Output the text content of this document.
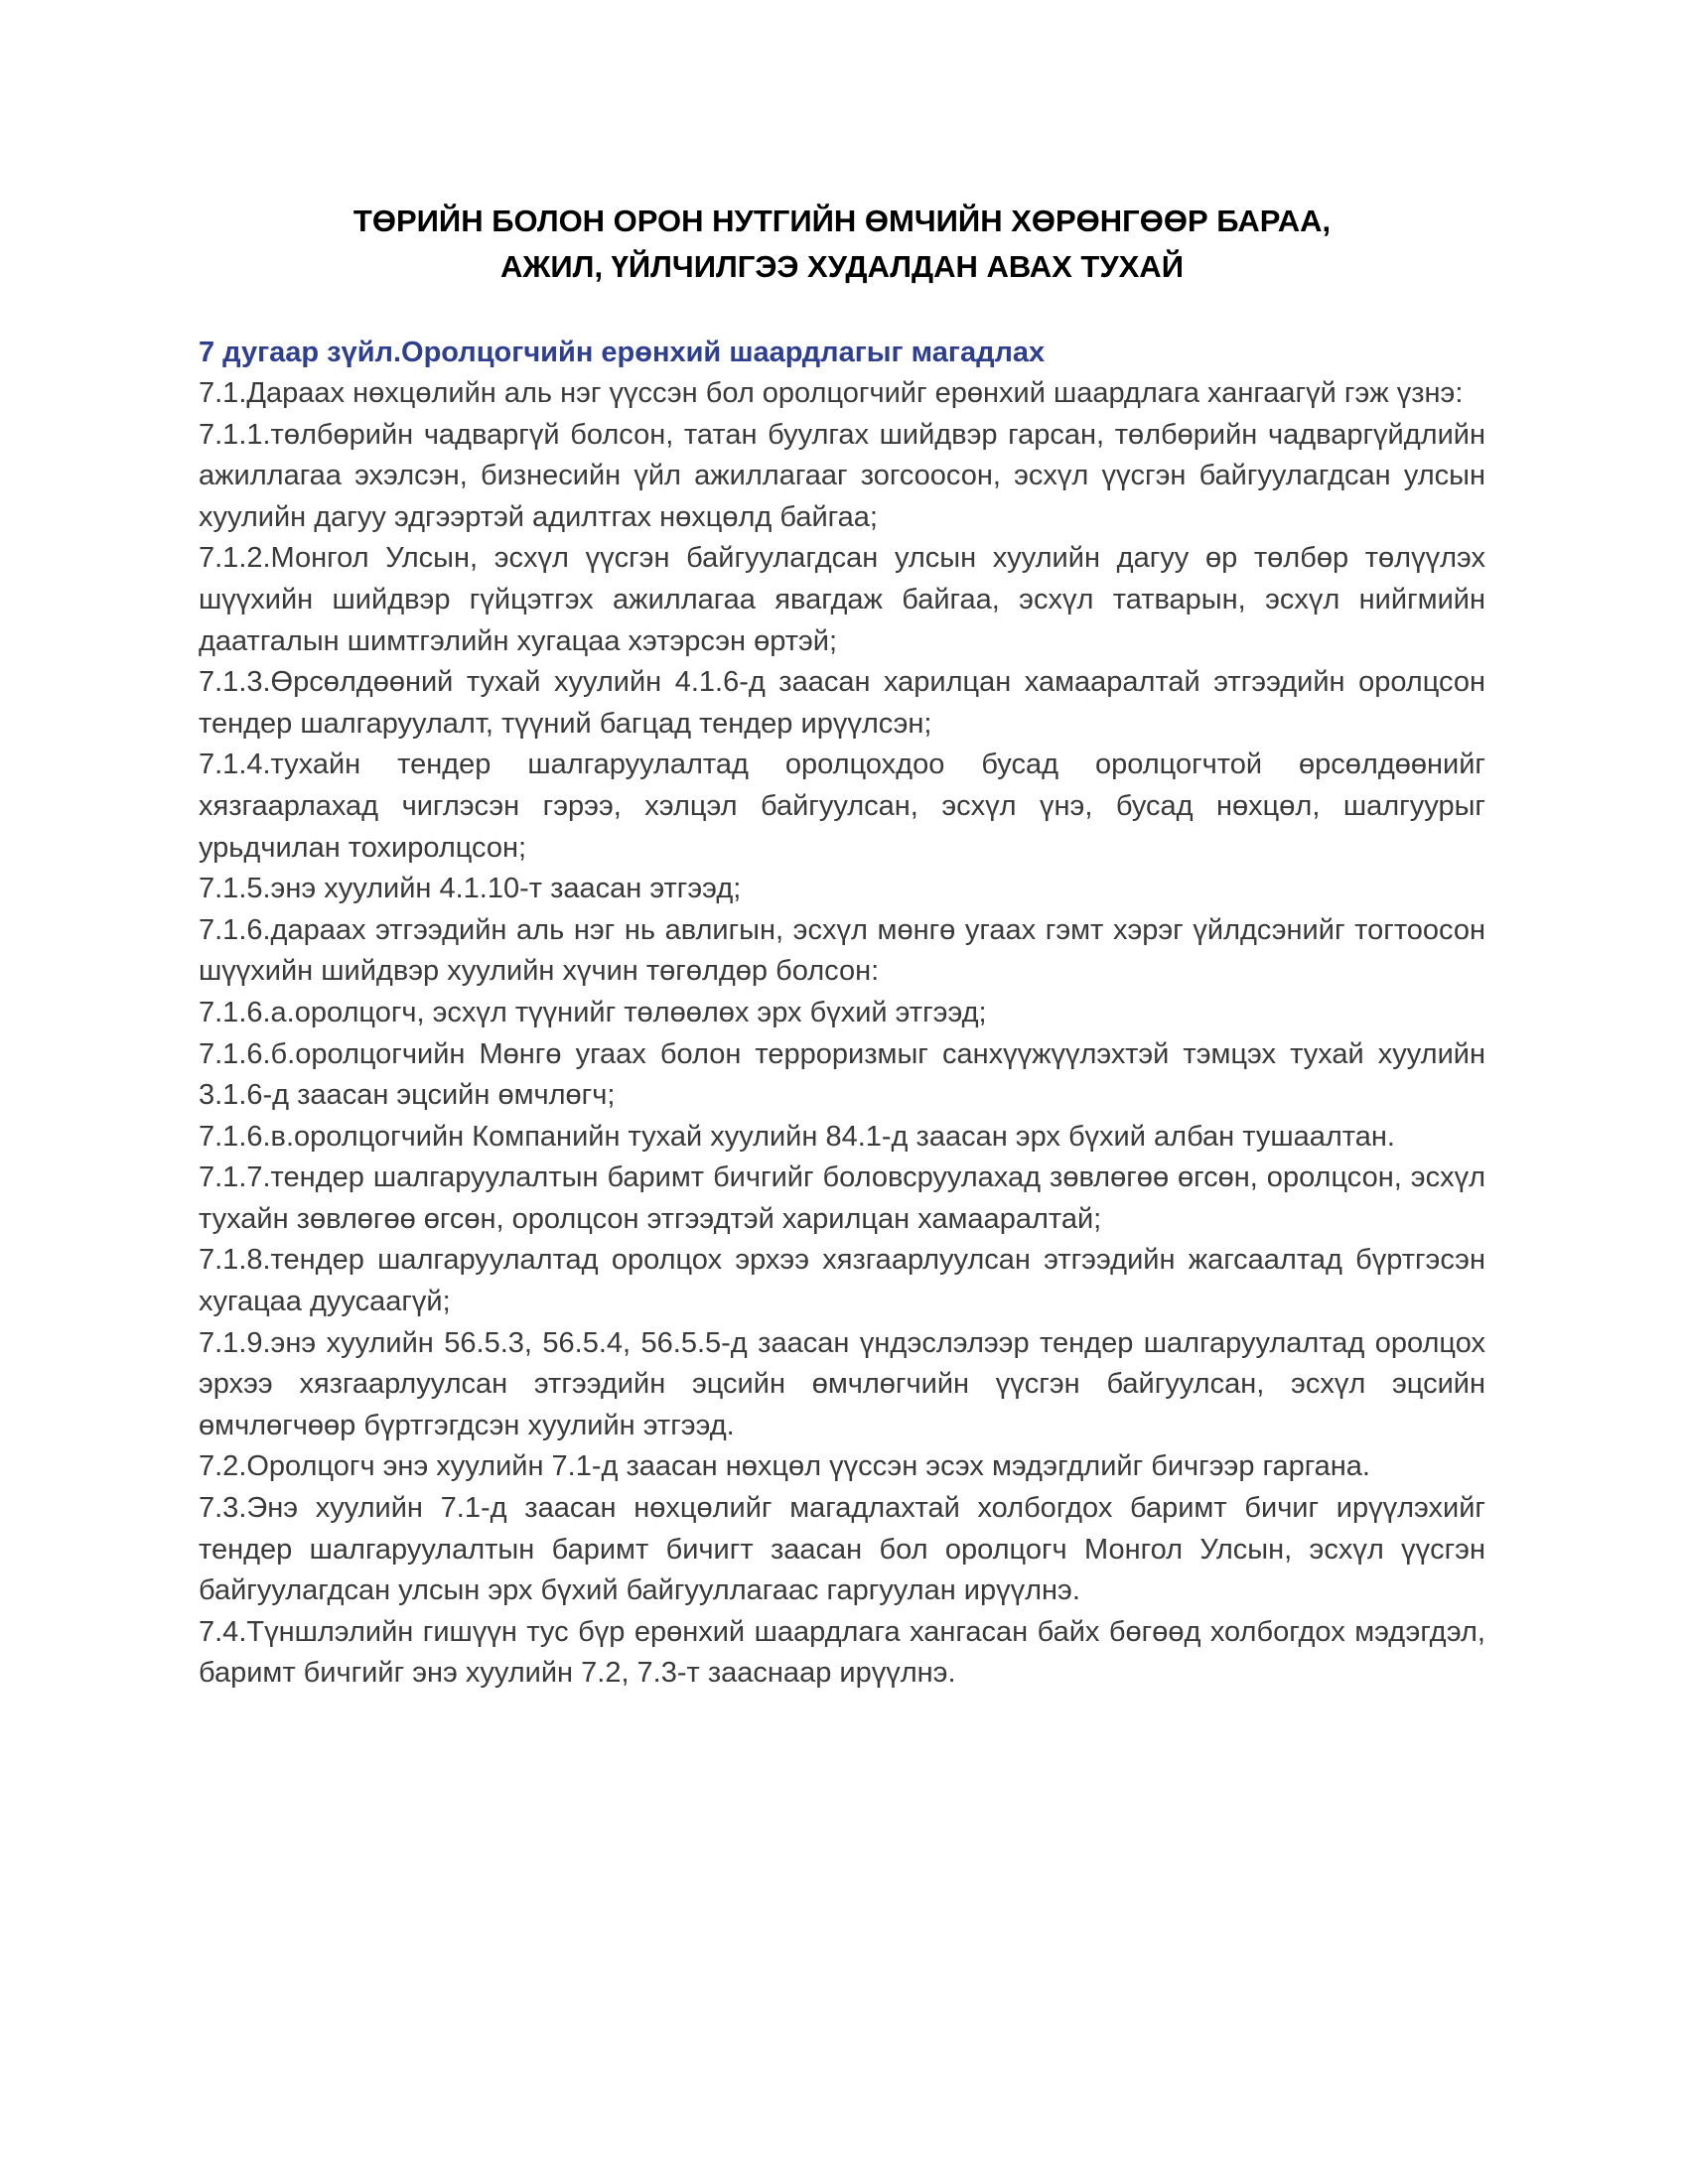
ТӨРИЙН БОЛОН ОРОН НУТГИЙН ӨМЧИЙН ХӨРӨНГӨӨР БАРАА,
АЖИЛ, ҮЙЛЧИЛГЭЭ ХУДАЛДАН АВАХ ТУХАЙ
7 дугаар зүйл.Оролцогчийн ерөнхий шаардлагыг магадлах

7.1.Дараах нөхцөлийн аль нэг үүссэн бол оролцогчийг ерөнхий шаардлага хангаагүй гэж үзнэ:

7.1.1.төлбөрийн чадваргүй болсон, татан буулгах шийдвэр гарсан, төлбөрийн чадваргүйдлийн ажиллагаа эхэлсэн, бизнесийн үйл ажиллагааг зогсоосон, эсхүл үүсгэн байгуулагдсан улсын хуулийн дагуу эдгээртэй адилтгах нөхцөлд байгаа;

7.1.2.Монгол Улсын, эсхүл үүсгэн байгуулагдсан улсын хуулийн дагуу өр төлбөр төлүүлэх шүүхийн шийдвэр гүйцэтгэх ажиллагаа явагдаж байгаа, эсхүл татварын, эсхүл нийгмийн даатгалын шимтгэлийн хугацаа хэтэрсэн өртэй;

7.1.3.Өрсөлдөөний тухай хуулийн 4.1.6-д заасан харилцан хамааралтай этгээдийн оролцсон тендер шалгаруулалт, түүний багцад тендер ирүүлсэн;

7.1.4.тухайн тендер шалгаруулалтад оролцохдоо бусад оролцогчтой өрсөлдөөнийг хязгаарлахад чиглэсэн гэрээ, хэлцэл байгуулсан, эсхүл үнэ, бусад нөхцөл, шалгуурыг урьдчилан тохиролцсон;

7.1.5.энэ хуулийн 4.1.10-т заасан этгээд;

7.1.6.дараах этгээдийн аль нэг нь авлигын, эсхүл мөнгө угаах гэмт хэрэг үйлдсэнийг тогтоосон шүүхийн шийдвэр хуулийн хүчин төгөлдөр болсон:

7.1.6.а.оролцогч, эсхүл түүнийг төлөөлөх эрх бүхий этгээд;

7.1.6.б.оролцогчийн Мөнгө угаах болон терроризмыг санхүүжүүлэхтэй тэмцэх тухай хуулийн 3.1.6-д заасан эцсийн өмчлөгч;

7.1.6.в.оролцогчийн Компанийн тухай хуулийн 84.1-д заасан эрх бүхий албан тушаалтан.

7.1.7.тендер шалгаруулалтын баримт бичгийг боловсруулахад зөвлөгөө өгсөн, оролцсон, эсхүл тухайн зөвлөгөө өгсөн, оролцсон этгээдтэй харилцан хамааралтай;

7.1.8.тендер шалгаруулалтад оролцох эрхээ хязгаарлуулсан этгээдийн жагсаалтад бүртгэсэн хугацаа дуусаагүй;

7.1.9.энэ хуулийн 56.5.3, 56.5.4, 56.5.5-д заасан үндэслэлээр тендер шалгаруулалтад оролцох эрхээ хязгаарлуулсан этгээдийн эцсийн өмчлөгчийн үүсгэн байгуулсан, эсхүл эцсийн өмчлөгчөөр бүртгэгдсэн хуулийн этгээд.

7.2.Оролцогч энэ хуулийн 7.1-д заасан нөхцөл үүссэн эсэх мэдэгдлийг бичгээр гаргана.

7.3.Энэ хуулийн 7.1-д заасан нөхцөлийг магадлахтай холбогдох баримт бичиг ирүүлэхийг тендер шалгаруулалтын баримт бичигт заасан бол оролцогч Монгол Улсын, эсхүл үүсгэн байгуулагдсан улсын эрх бүхий байгууллагаас гаргуулан ирүүлнэ.

7.4.Түншлэлийн гишүүн тус бүр ерөнхий шаардлага хангасан байх бөгөөд холбогдох мэдэгдэл, баримт бичгийг энэ хуулийн 7.2, 7.3-т зааснаар ирүүлнэ.
